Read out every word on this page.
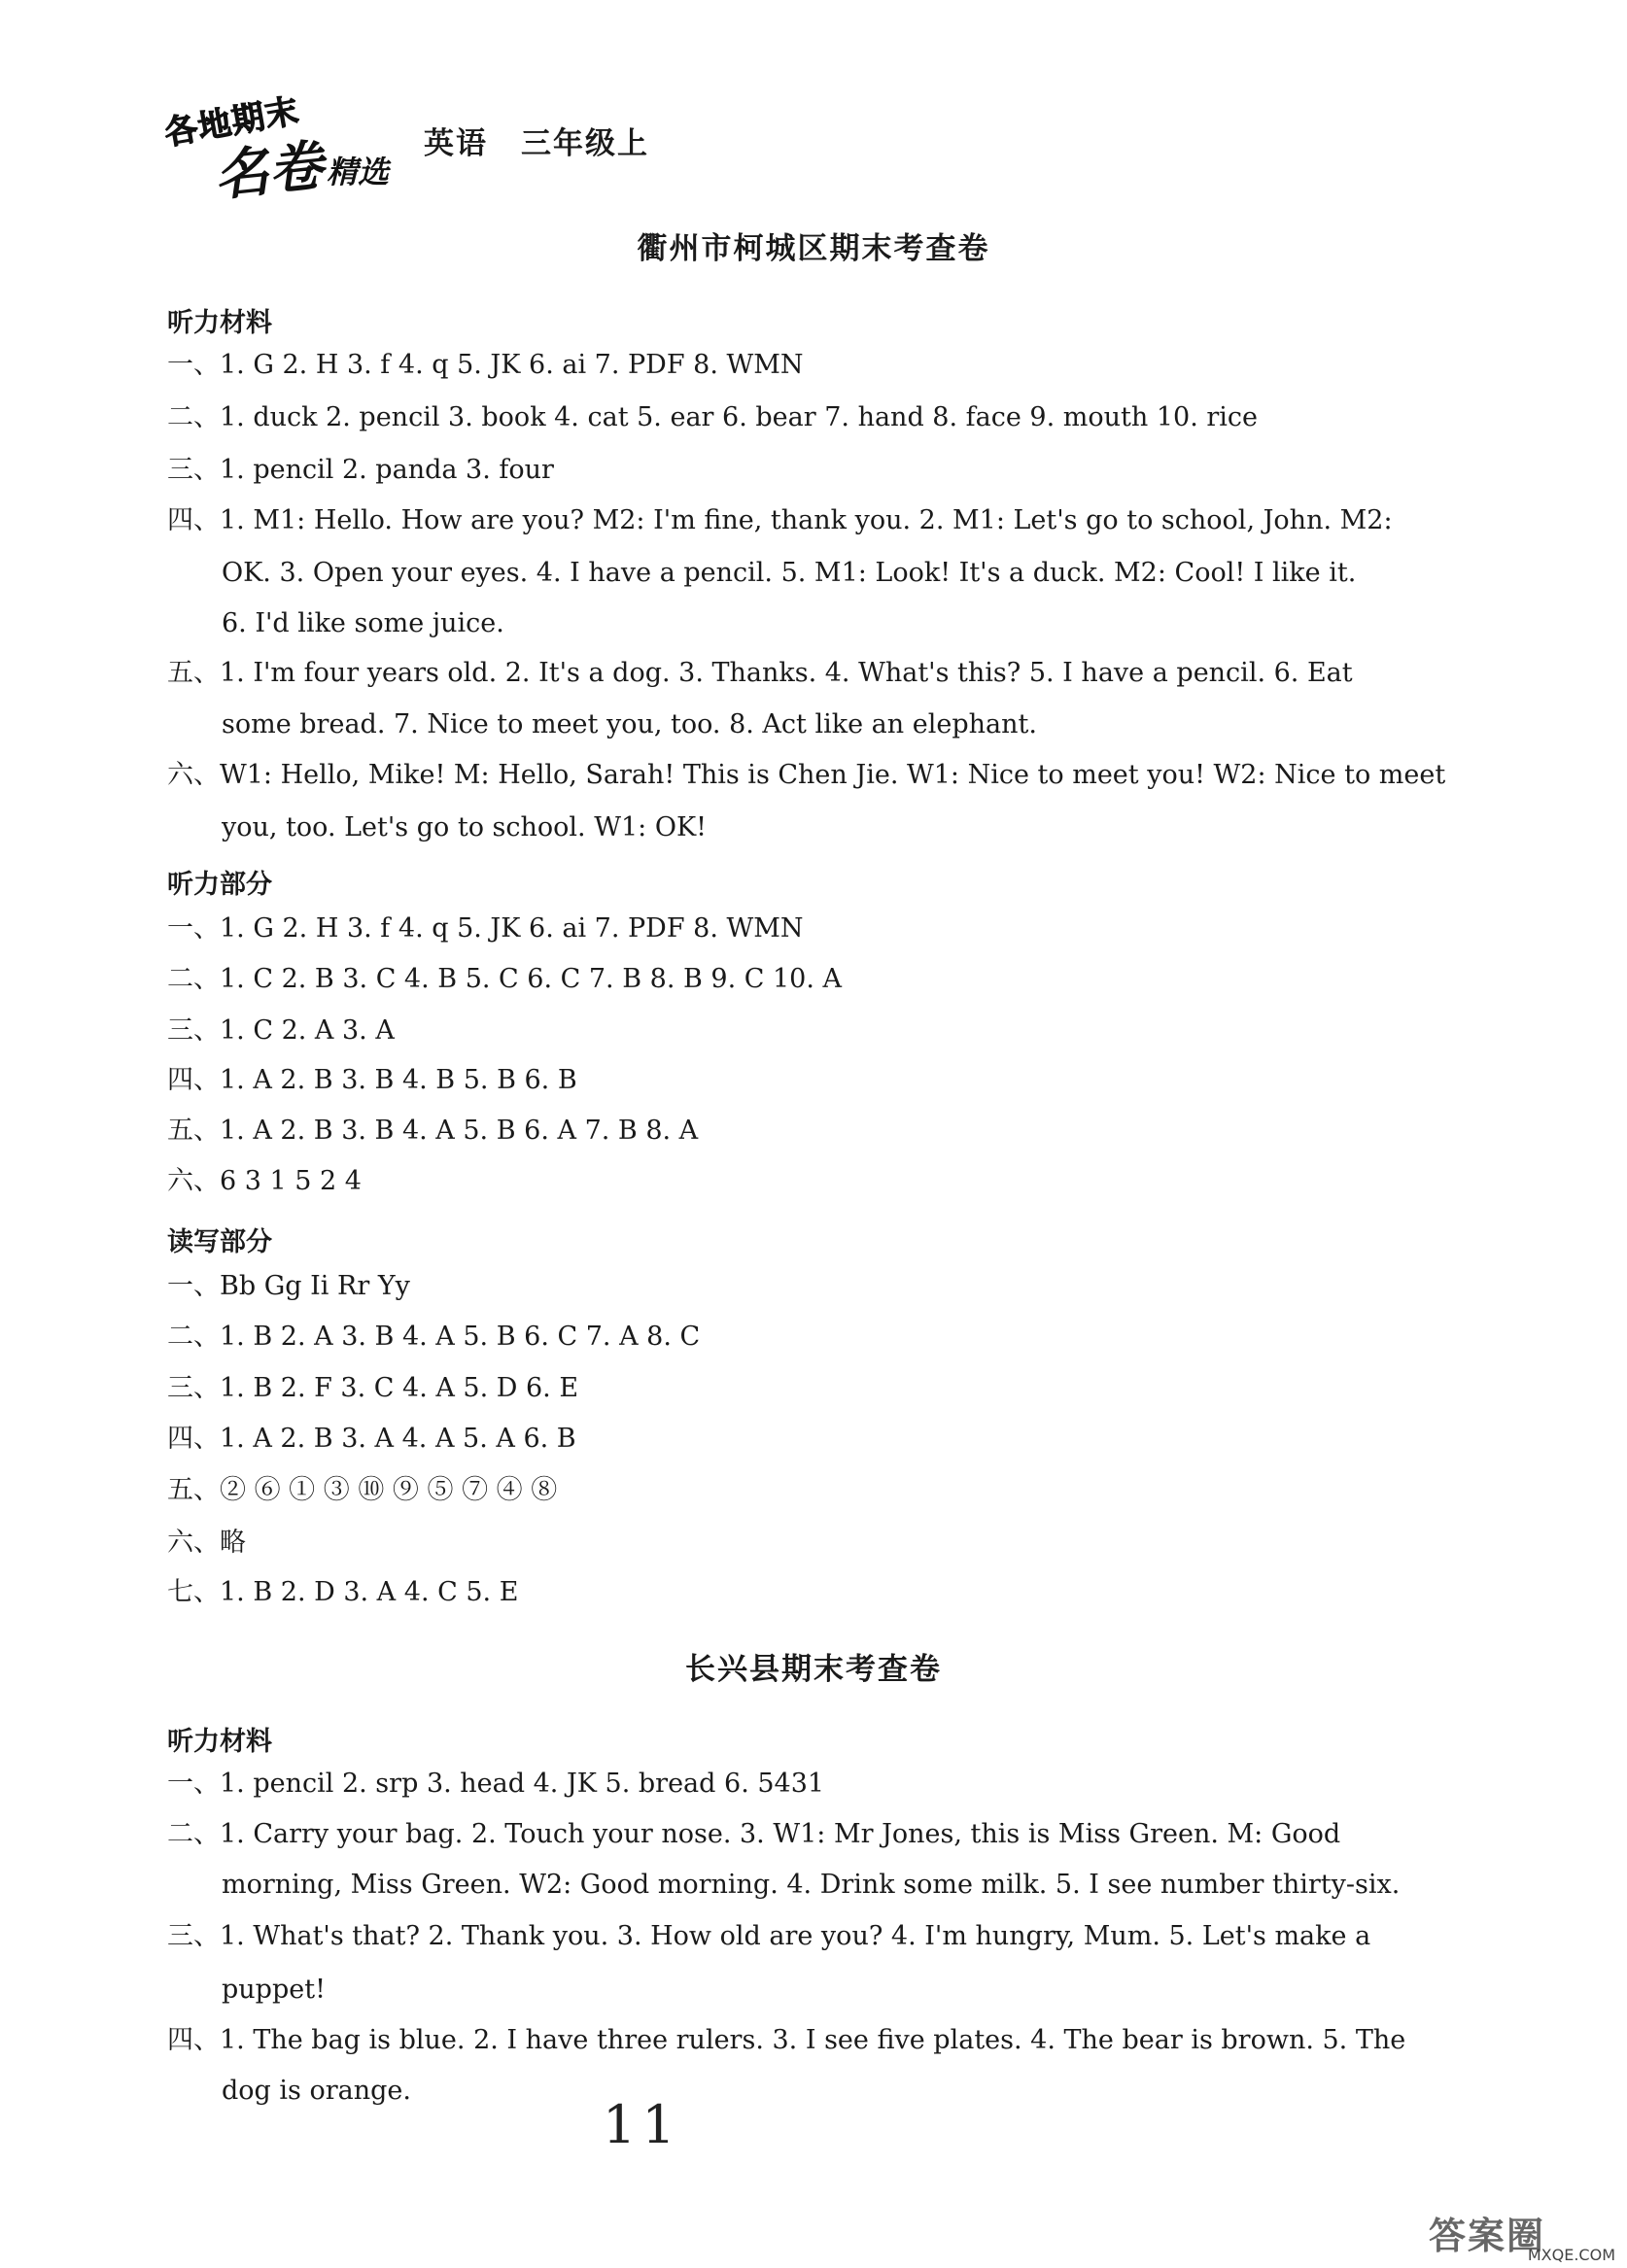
各地期末
名卷 精选
英语 三年级上
衢州市柯城区期末考查卷
听力材料
一、1. G 2. H 3. f 4. q 5. JK 6. ai 7. PDF 8. WMN
二、1. duck 2. pencil 3. book 4. cat 5. ear 6. bear 7. hand 8. face 9. mouth 10. rice
三、1. pencil 2. panda 3. four
四、1. M1: Hello. How are you? M2: I'm fine, thank you. 2. M1: Let's go to school, John. M2:
OK. 3. Open your eyes. 4. I have a pencil. 5. M1: Look! It's a duck. M2: Cool! I like it.
6. I'd like some juice.
五、1. I'm four years old. 2. It's a dog. 3. Thanks. 4. What's this? 5. I have a pencil. 6. Eat
some bread. 7. Nice to meet you, too. 8. Act like an elephant.
六、W1: Hello, Mike! M: Hello, Sarah! This is Chen Jie. W1: Nice to meet you! W2: Nice to meet
you, too. Let's go to school. W1: OK!
听力部分
一、1. G 2. H 3. f 4. q 5. JK 6. ai 7. PDF 8. WMN
二、1. C 2. B 3. C 4. B 5. C 6. C 7. B 8. B 9. C 10. A
三、1. C 2. A 3. A
四、1. A 2. B 3. B 4. B 5. B 6. B
五、1. A 2. B 3. B 4. A 5. B 6. A 7. B 8. A
六、6 3 1 5 2 4
读写部分
一、Bb Gg Ii Rr Yy
二、1. B 2. A 3. B 4. A 5. B 6. C 7. A 8. C
三、1. B 2. F 3. C 4. A 5. D 6. E
四、1. A 2. B 3. A 4. A 5. A 6. B
五、② ⑥ ① ③ ⑩ ⑨ ⑤ ⑦ ④ ⑧
六、略
七、1. B 2. D 3. A 4. C 5. E
长兴县期末考查卷
听力材料
一、1. pencil 2. srp 3. head 4. JK 5. bread 6. 5431
二、1. Carry your bag. 2. Touch your nose. 3. W1: Mr Jones, this is Miss Green. M: Good
morning, Miss Green. W2: Good morning. 4. Drink some milk. 5. I see number thirty-six.
三、1. What's that? 2. Thank you. 3. How old are you? 4. I'm hungry, Mum. 5. Let's make a
puppet!
四、1. The bag is blue. 2. I have three rulers. 3. I see five plates. 4. The bear is brown. 5. The
dog is orange.
11
答案圈
MXQE.COM
